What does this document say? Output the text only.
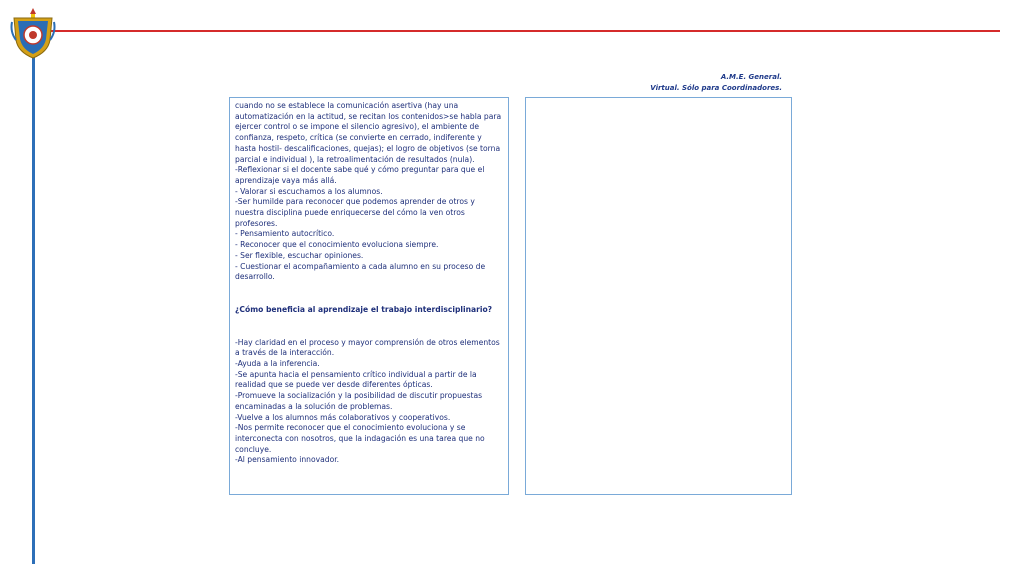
A.M.E. General.
Virtual. Sólo para Coordinadores.
cuando no se establece la comunicación asertiva (hay una automatización en la actitud, se recitan los contenidos>se habla para ejercer control o se impone el silencio agresivo), el ambiente de confianza, respeto, crítica (se convierte en cerrado, indiferente y hasta hostil- descalificaciones, quejas); el logro de objetivos (se torna parcial e individual ), la retroalimentación de resultados (nula).
-Reflexionar si el docente sabe qué y cómo preguntar para que el aprendizaje vaya más allá.
- Valorar si escuchamos a los alumnos.
-Ser humilde para reconocer que podemos aprender de otros y nuestra disciplina puede enriquecerse del cómo la ven otros profesores.
- Pensamiento autocrítico.
- Reconocer que el conocimiento evoluciona siempre.
- Ser flexible, escuchar opiniones.
- Cuestionar el acompañamiento a cada alumno en su proceso de desarrollo.
¿Cómo beneficia al aprendizaje el trabajo interdisciplinario?
-Hay claridad en el proceso y mayor comprensión de otros elementos a través de la interacción.
-Ayuda a la inferencia.
-Se apunta hacia el pensamiento crítico individual a partir de la realidad que se puede ver desde diferentes ópticas.
-Promueve la socialización y la posibilidad de discutir propuestas encaminadas a la solución de problemas.
-Vuelve a los alumnos más colaborativos y cooperativos.
-Nos permite reconocer que el conocimiento evoluciona y se interconecta con nosotros, que la indagación es una tarea que no concluye.
-Al pensamiento innovador.
